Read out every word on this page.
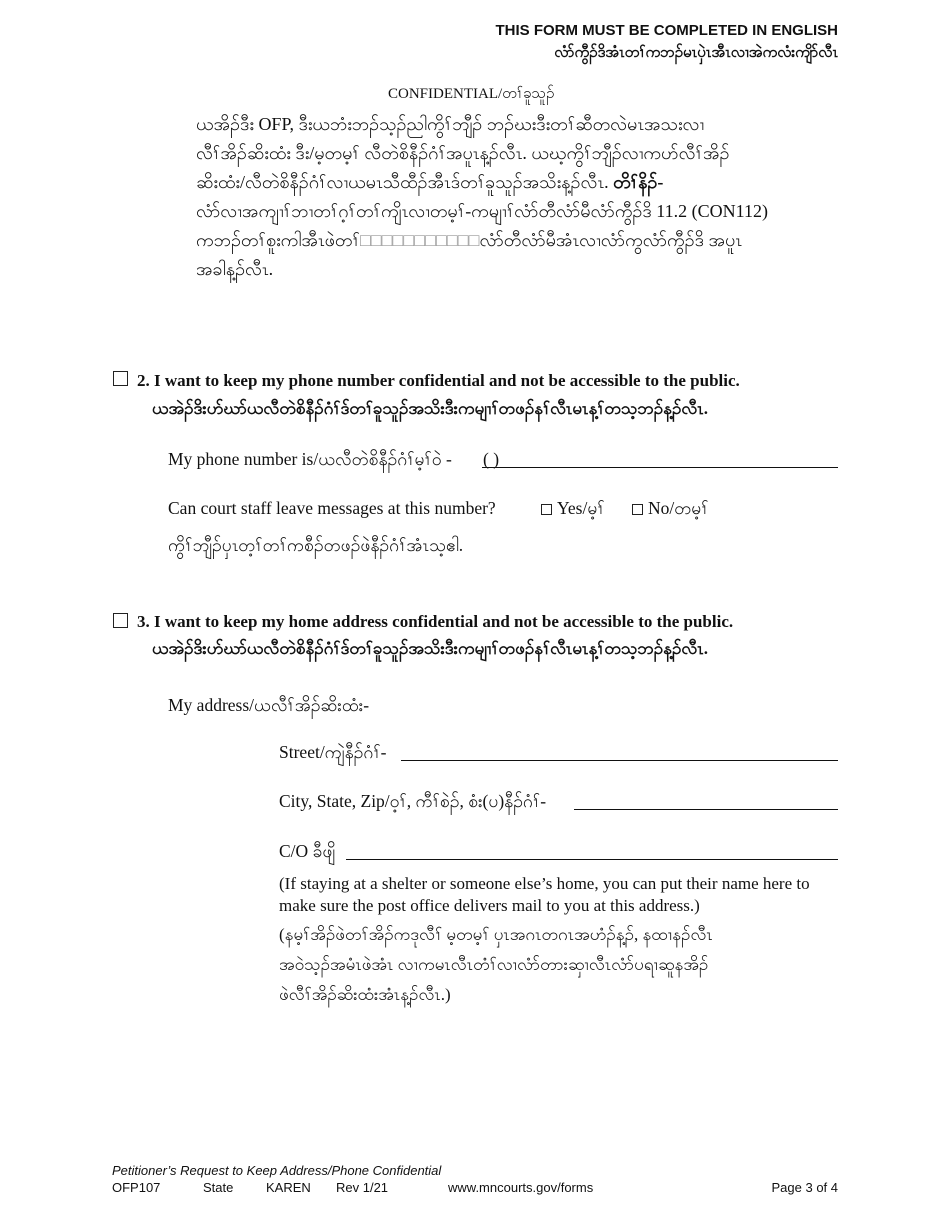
THIS FORM MUST BE COMPLETED IN ENGLISH
လံာ်ကွီၣ်ဒိအံၤတၢ်ကဘၣ်မၤပှဲၤအီၤလၢအဲကလံးကျိာ်လီၤ
CONFIDENTIAL/တၢ်ခူသူၣ်

ယအိၣ်ဒီး OFP, ဒီးယဘံးဘၣ်သ့ၣ်ညါကွိၢ်ဘျီၣ် ဘၣ်ဃးဒီးတၢ်ဆီတလဲမၤအသးလၢ

လီၢ်အိၣ်ဆိးထံး ဒီး/မ့တမ့ၢ် လီတဲစိနီၣ်ဂံၢ်အပူၤန့ၣ်လီၤ. ယဃ့ကွိၢ်ဘျီၣ်လၢကဟ်လီၢ်အိၣ်

ဆိးထံး/လီတဲစိနီၣ်ဂံၢ်လၢယမၤသီထီၣ်အီၤဒ်တၢ်ခူသူၣ်အသိးန့ၣ်လီၤ. တိၢ်နိၣ်-

လံာ်လၢအကျၢၢ်ဘၢတၢ်ဂ့ၢ်တၢ်ကျိၤလၢတမ့ၢ်-ကမျၢၢ်လံာ်တီလံာ်မီလံာ်ကွီၣ်ဒိ 11.2 (CON112)

ကဘၣ်တၢ်စူးကါအီၤဖဲတၢ်□□□□□□□□□□□လံာ်တီလံာ်မီအံၤလၢလံာ်ကွလံာ်ကွီၣ်ဒိ အပူၤ

အခါန့ၣ်လီၤ.

2. I want to keep my phone number confidential and not be accessible to the public.
ယအဲၣ်ဒိးဟ်ဃာ်ယလီတဲစိနီၣ်ဂံၢ်ဒ်တၢ်ခူသူၣ်အသိးဒီးကမျၢၢ်တဖၣ်နၢ်လီၤမၤန့ၢ်တသ့ဘၣ်န့ၣ်လီၤ.
My phone number is/ယလီတဲစိနီၣ်ဂံၢ်မ့ၢ်ဝဲ - ( )
Can court staff leave messages at this number?	Yes/မ့ၢ်	No/တမ့ၢ်
ကွိၢ်ဘျီၣ်ပှၤတ့ၢ်တၢ်ကစီၣ်တဖၣ်ဖဲနီၣ်ဂံၢ်အံၤသ့ဧါ.
3. I want to keep my home address confidential and not be accessible to the public.
ယအဲၣ်ဒိးဟ်ဃာ်ယလီတဲစိနီၣ်ဂံၢ်ဒ်တၢ်ခူသူၣ်အသိးဒီးကမျၢၢ်တဖၣ်နၢ်လီၤမၤန့ၢ်တသ့ဘၣ်န့ၣ်လီၤ.
My address/ယလီၢ်အိၣ်ဆိးထံး-
Street/ကျဲနီၣ်ဂံၢ်-
City, State, Zip/ဝ့ၢ်, ကီၢ်စဲၣ်, စံး(ပ)နီၣ်ဂံၢ်-
C/O ခီဖျိ
(If staying at a shelter or someone else’s home, you can put their name here to make sure the post office delivers mail to you at this address.)

(နမ့ၢ်အိၣ်ဖဲတၢ်အိၣ်ကဒုလီၢ် မ့တမ့ၢ် ပှၤအဂၤတဂၤအဟံၣ်န့ၣ်, နထၢနၣ်လီၤ

အဝဲသ့ၣ်အမံၤဖဲအံၤ လၢကမၤလီၤတံၢ်လၢလံာ်တားဆှၢလီၤလံာ်ပရၢဆူနအိၣ်

ဖဲလီၢ်အိၣ်ဆိးထံးအံၤန့ၣ်လီၤ.)

Petitioner’s Request to Keep Address/Phone Confidential
OFP107	State	KAREN Rev 1/21	www.mncourts.gov/forms	Page 3 of 4
